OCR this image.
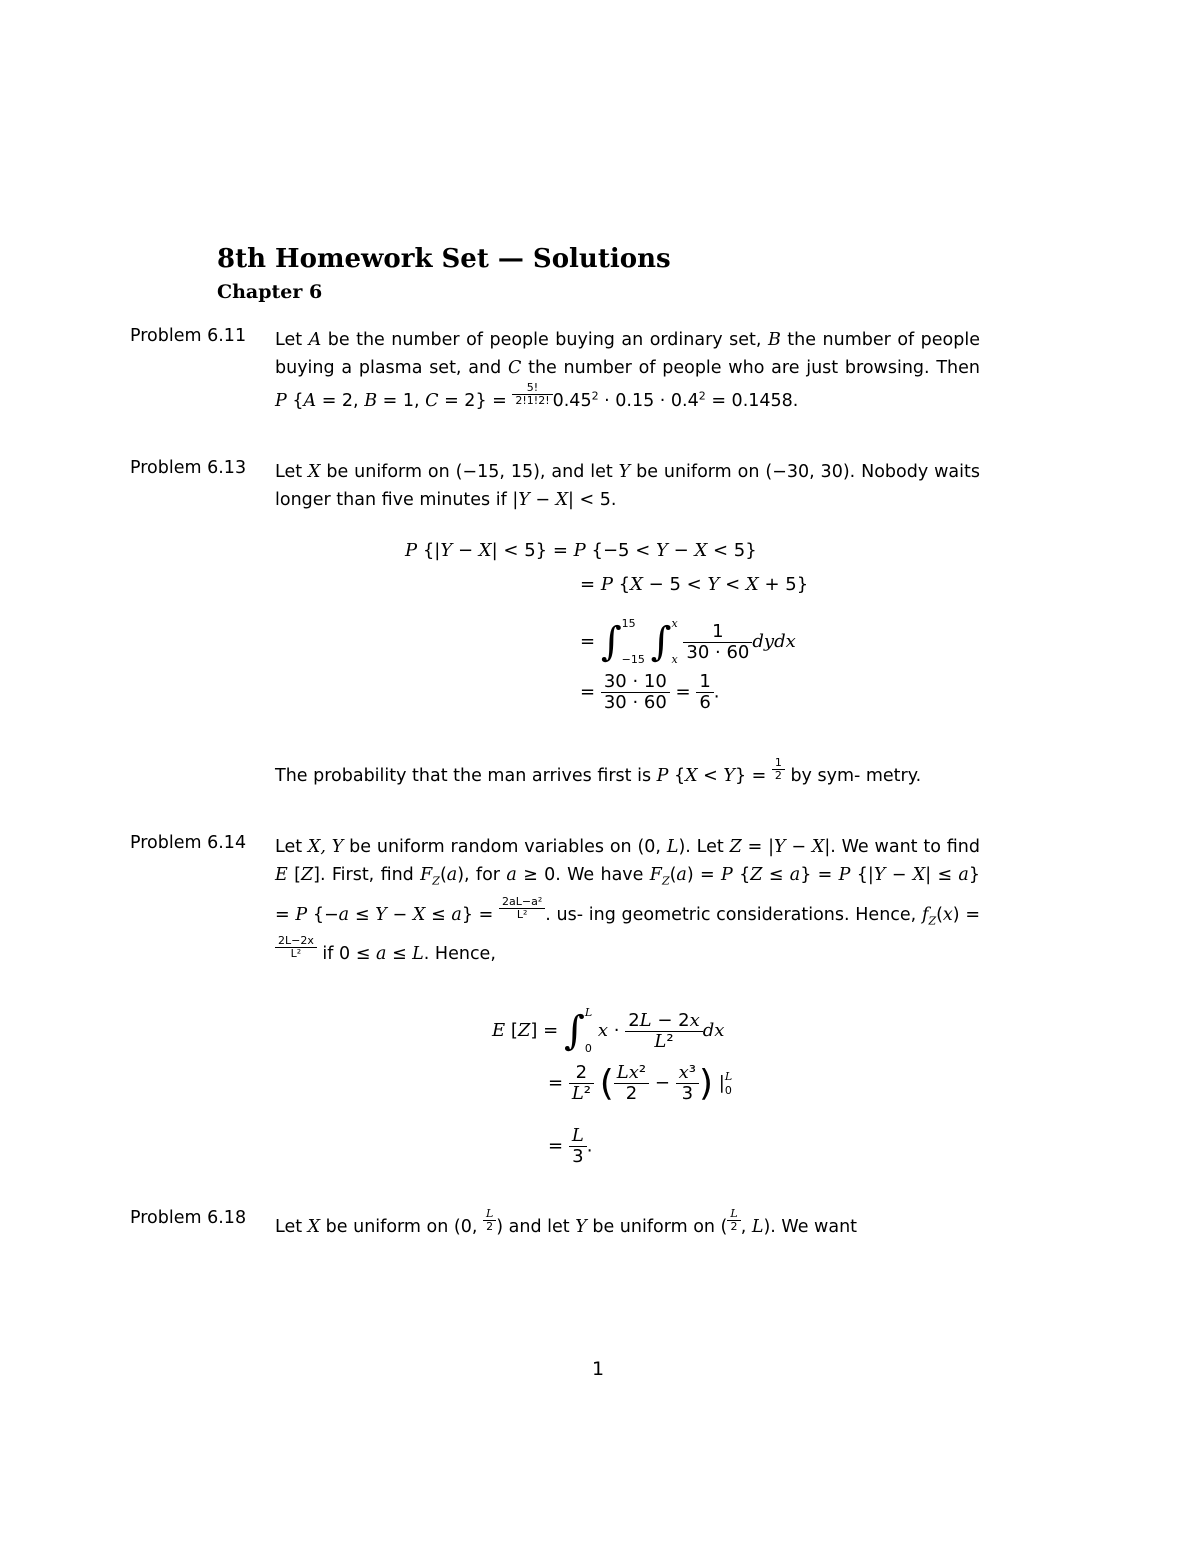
8th Homework Set — Solutions
Chapter 6
Problem 6.11 Let A be the number of people buying an ordinary set, B the number of people buying a plasma set, and C the number of people who are just browsing. Then P {A = 2, B = 1, $C = 2\} = \frac{5!}{2!1!2!} 0.45^2 \cdot 0.15 \cdot 0.4^2 = 0.1458$.
Problem 6.13 Let X be uniform on (−15, 15), and let Y be uniform on (−30, 30). Nobody waits longer than five minutes if |Y − X| < 5.
P {|Y − X| < 5} = P {−5 < Y − X < 5}
= P {X − 5 < Y < X + 5}
= ∫ 15
−15 ∫ x
x
$\frac{1}{30 \cdot 60}$ dydx
= $\frac{30 \cdot 10}{30 \cdot 60} = \frac{1}{6}$ .
The probability that the man arrives first is P $\{X < Y\} = \frac{1}{2}$ by sym- metry.
Problem 6.14 Let X, Y be uniform random variables on (0, L). Let Z = |Y − X|. We want to find E [Z]. First, find $F_Z(a)$, for a ≥ 0. We have $F_Z(a) = P$ {Z ≤ a} = P {|Y − X| ≤ a} = P $\{-a \le Y - X \le a\} = \frac{\text{2aL−a²}}{\text{L²}}$ . us- ing geometric considerations. Hence, $f_Z(x)$ =
$\frac{2L-2x}{\text{L²}}$ if 0 ≤ a ≤ L. Hence,
E [Z] = ∫ L
0
$x \cdot \frac{2L - 2x}{\text{L²}}$ dx
= $\frac{2}{\text{L²}}$ ( $\frac{\text{Lx²}}{2} - \frac{\text{x³}}{3}$ ) | L
0
= $\frac{L}{3}$ .
Problem 6.18 Let X be uniform on (0, $\frac{L}{2}$ ) and let Y be uniform on ( $\frac{L}{2}$ , L). We want
1
